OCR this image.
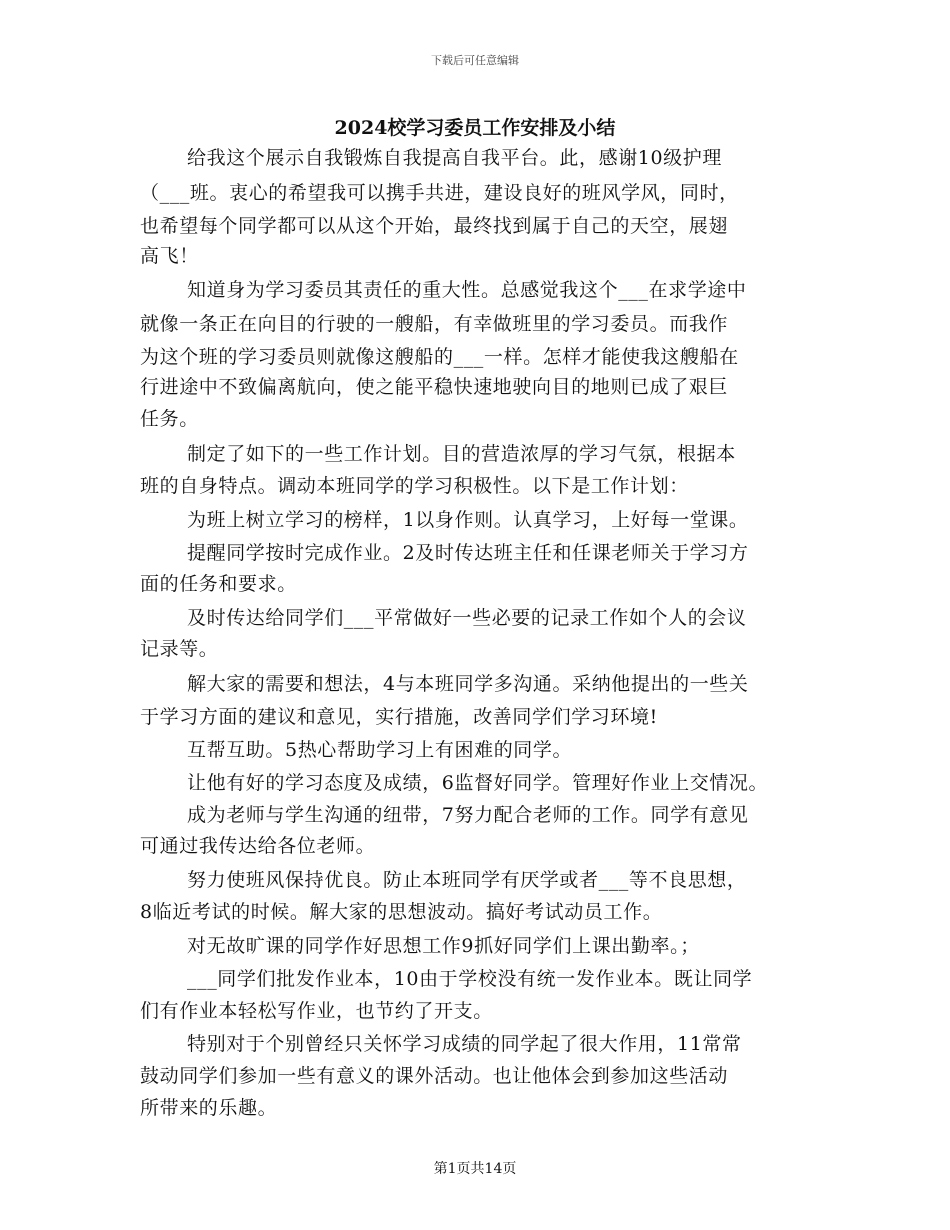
下载后可任意编辑
2024校学习委员工作安排及小结
给我这个展示自我锻炼自我提高自我平台。此，感谢10级护理
（___班。衷心的希望我可以携手共进，建设良好的班风学风，同时，
也希望每个同学都可以从这个开始，最终找到属于自己的天空，展翅
高飞！
知道身为学习委员其责任的重大性。总感觉我这个___在求学途中
就像一条正在向目的行驶的一艘船，有幸做班里的学习委员。而我作
为这个班的学习委员则就像这艘船的___一样。怎样才能使我这艘船在
行进途中不致偏离航向，使之能平稳快速地驶向目的地则已成了艰巨
任务。
制定了如下的一些工作计划。目的营造浓厚的学习气氛，根据本
班的自身特点。调动本班同学的学习积极性。以下是工作计划：
为班上树立学习的榜样，1以身作则。认真学习，上好每一堂课。
提醒同学按时完成作业。2及时传达班主任和任课老师关于学习方
面的任务和要求。
及时传达给同学们___平常做好一些必要的记录工作如个人的会议
记录等。
解大家的需要和想法，4与本班同学多沟通。采纳他提出的一些关
于学习方面的建议和意见，实行措施，改善同学们学习环境!
互帮互助。5热心帮助学习上有困难的同学。
让他有好的学习态度及成绩，6监督好同学。管理好作业上交情况。
成为老师与学生沟通的纽带，7努力配合老师的工作。同学有意见
可通过我传达给各位老师。
努力使班风保持优良。防止本班同学有厌学或者___等不良思想，
8临近考试的时候。解大家的思想波动。搞好考试动员工作。
对无故旷课的同学作好思想工作9抓好同学们上课出勤率。；
___同学们批发作业本，10由于学校没有统一发作业本。既让同学
们有作业本轻松写作业，也节约了开支。
特别对于个别曾经只关怀学习成绩的同学起了很大作用，11常常
鼓动同学们参加一些有意义的课外活动。也让他体会到参加这些活动
所带来的乐趣。
第1页共14页
